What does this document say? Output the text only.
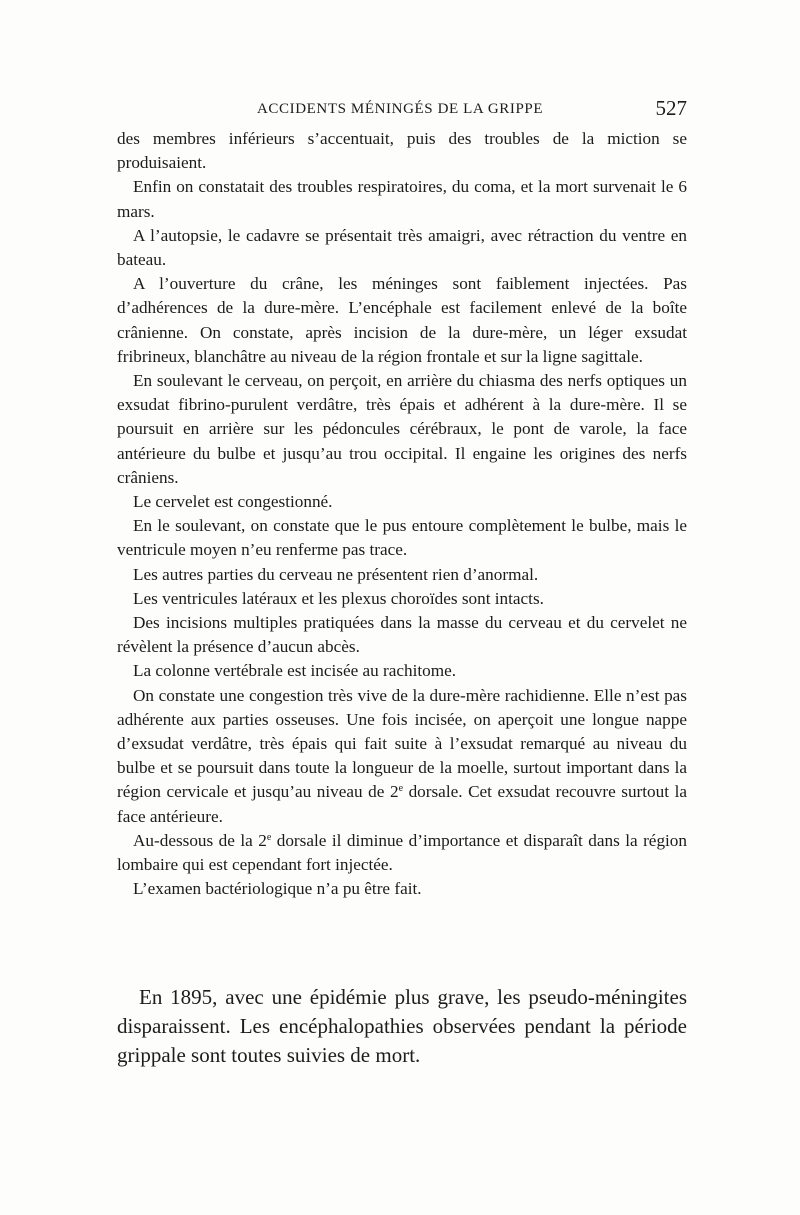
ACCIDENTS MÉNINGÉS DE LA GRIPPE	527

des membres inférieurs s’accentuait, puis des troubles de la miction se produisaient.

Enfin on constatait des troubles respiratoires, du coma, et la mort survenait le 6 mars.

A l’autopsie, le cadavre se présentait très amaigri, avec rétraction du ventre en bateau.

A l’ouverture du crâne, les méninges sont faiblement injectées. Pas d’adhérences de la dure-mère. L’encéphale est facilement enlevé de la boîte crânienne. On constate, après incision de la dure-mère, un léger exsudat fribrineux, blanchâtre au niveau de la région frontale et sur la ligne sagittale.

En soulevant le cerveau, on perçoit, en arrière du chiasma des nerfs optiques un exsudat fibrino-purulent verdâtre, très épais et adhérent à la dure-mère. Il se poursuit en arrière sur les pédoncules cérébraux, le pont de varole, la face antérieure du bulbe et jusqu’au trou occipital. Il engaine les origines des nerfs crâniens.

Le cervelet est congestionné.

En le soulevant, on constate que le pus entoure complètement le bulbe, mais le ventricule moyen n’eu renferme pas trace.

Les autres parties du cerveau ne présentent rien d’anormal.

Les ventricules latéraux et les plexus choroïdes sont intacts.

Des incisions multiples pratiquées dans la masse du cerveau et du cervelet ne révèlent la présence d’aucun abcès.

La colonne vertébrale est incisée au rachitome.

On constate une congestion très vive de la dure-mère rachidienne. Elle n’est pas adhérente aux parties osseuses. Une fois incisée, on aperçoit une longue nappe d’exsudat verdâtre, très épais qui fait suite à l’exsudat remarqué au niveau du bulbe et se poursuit dans toute la longueur de la moelle, surtout important dans la région cervicale et jusqu’au niveau de 2e dorsale. Cet exsudat recouvre surtout la face antérieure.

Au-dessous de la 2e dorsale il diminue d’importance et disparaît dans la région lombaire qui est cependant fort injectée.

L’examen bactériologique n’a pu être fait.

En 1895, avec une épidémie plus grave, les pseudo-méningites disparaissent. Les encéphalopathies observées pendant la période grippale sont toutes suivies de mort.
